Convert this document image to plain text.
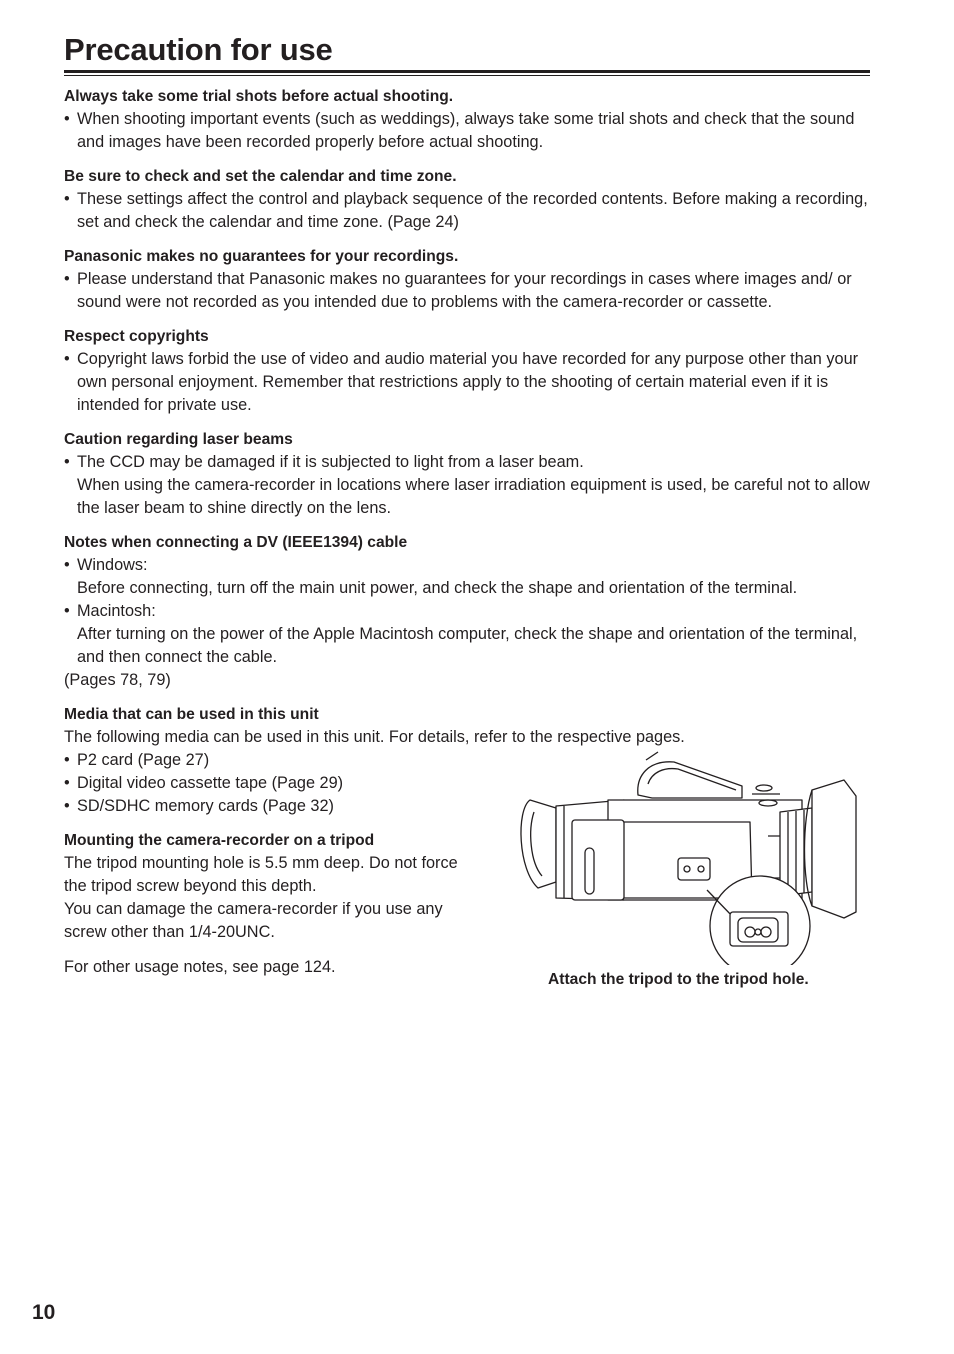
Precaution for use

Always take some trial shots before actual shooting.

• When shooting important events (such as weddings), always take some trial shots and check that the sound and images have been recorded properly before actual shooting.

Be sure to check and set the calendar and time zone.

• These settings affect the control and playback sequence of the recorded contents. Before making a recording, set and check the calendar and time zone. (Page 24)

Panasonic makes no guarantees for your recordings.

• Please understand that Panasonic makes no guarantees for your recordings in cases where images and/ or sound were not recorded as you intended due to problems with the camera-recorder or cassette.

Respect copyrights

• Copyright laws forbid the use of video and audio material you have recorded for any purpose other than your own personal enjoyment. Remember that restrictions apply to the shooting of certain material even if it is intended for private use.

Caution regarding laser beams

• The CCD may be damaged if it is subjected to light from a laser beam.

When using the camera-recorder in locations where laser irradiation equipment is used, be careful not to allow the laser beam to shine directly on the lens.

Notes when connecting a DV (IEEE1394) cable

• Windows:

Before connecting, turn off the main unit power, and check the shape and orientation of the terminal.

• Macintosh:

After turning on the power of the Apple Macintosh computer, check the shape and orientation of the terminal, and then connect the cable.

(Pages 78, 79)

Media that can be used in this unit

The following media can be used in this unit. For details, refer to the respective pages.

• P2 card (Page 27)

• Digital video cassette tape (Page 29)

• SD/SDHC memory cards (Page 32)

Mounting the camera-recorder on a tripod

The tripod mounting hole is 5.5 mm deep. Do not force the tripod screw beyond this depth.

You can damage the camera-recorder if you use any screw other than 1/4-20UNC.

For other usage notes, see page 124.

Attach the tripod to the tripod hole.

10
